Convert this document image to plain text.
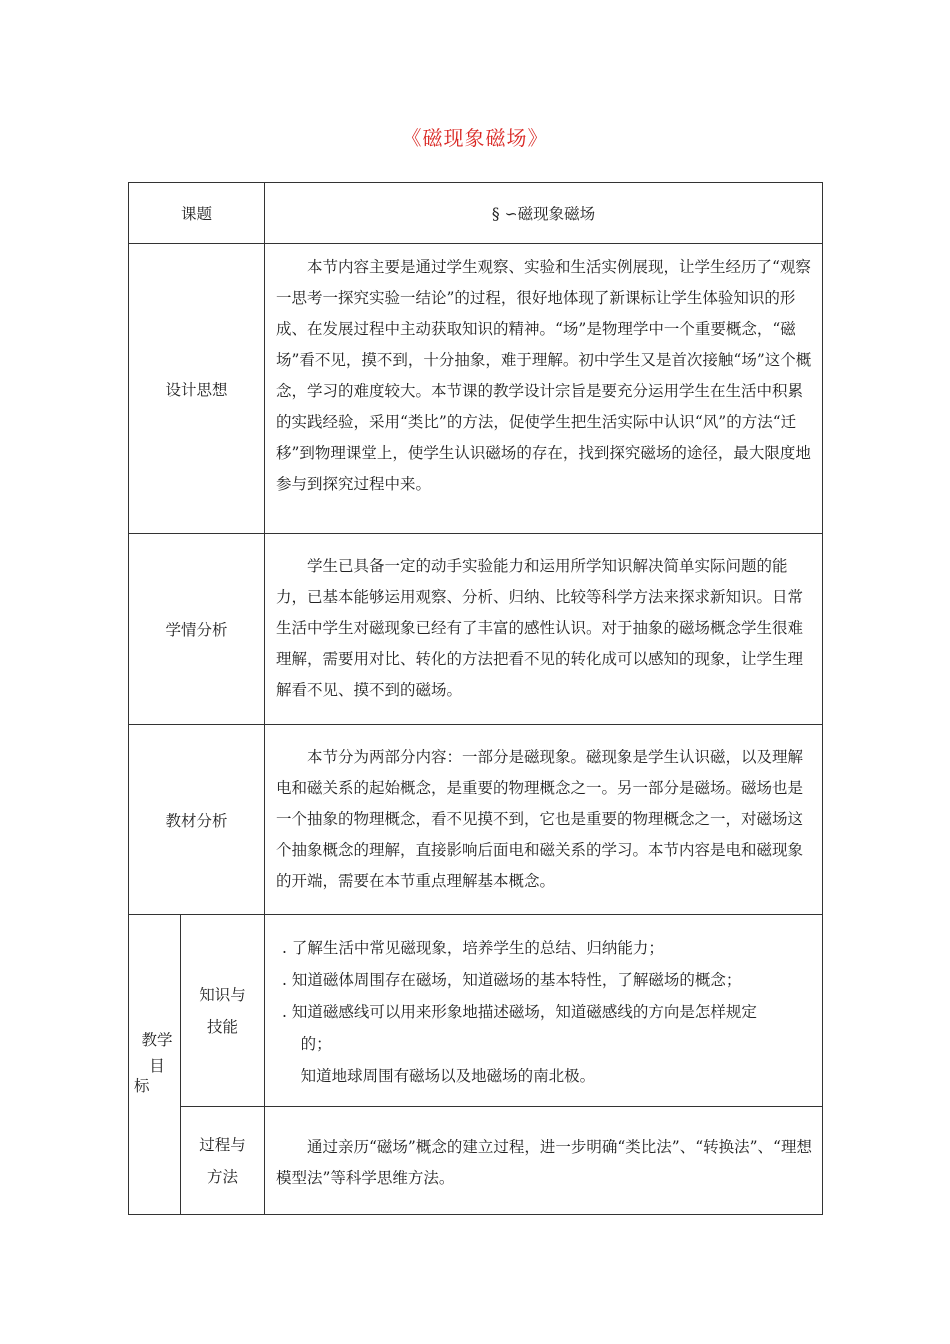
《磁现象磁场》
课题	§ ∽磁现象磁场
设计思想

本节内容主要是通过学生观察、实验和生活实例展现，让学生经历了“观察一思考一探究实验一结论”的过程，很好地体现了新课标让学生体验知识的形成、在发展过程中主动获取知识的精神。“场”是物理学中一个重要概念，“磁场”看不见，摸不到，十分抽象，难于理解。初中学生又是首次接触“场”这个概念，学习的难度较大。本节课的教学设计宗旨是要充分运用学生在生活中积累的实践经验，采用“类比”的方法，促使学生把生活实际中认识“风”的方法“迁移”到物理课堂上，使学生认识磁场的存在，找到探究磁场的途径，最大限度地参与到探究过程中来。

学情分析

学生已具备一定的动手实验能力和运用所学知识解决简单实际问题的能力，已基本能够运用观察、分析、归纳、比较等科学方法来探求新知识。日常生活中学生对磁现象已经有了丰富的感性认识。对于抽象的磁场概念学生很难理解，需要用对比、转化的方法把看不见的转化成可以感知的现象，让学生理解看不见、摸不到的磁场。

教材分析

本节分为两部分内容：一部分是磁现象。磁现象是学生认识磁，以及理解电和磁关系的起始概念，是重要的物理概念之一。另一部分是磁场。磁场也是一个抽象的物理概念，看不见摸不到，它也是重要的物理概念之一，对磁场这个抽象概念的理解，直接影响后面电和磁关系的学习。本节内容是电和磁现象的开端，需要在本节重点理解基本概念。

教学
目
标
知识与
技能

. 了解生活中常见磁现象，培养学生的总结、归纳能力；

. 知道磁体周围存在磁场，知道磁场的基本特性，了解磁场的概念；

. 知道磁感线可以用来形象地描述磁场，知道磁感线的方向是怎样规定

的；

知道地球周围有磁场以及地磁场的南北极。

过程与
方法

通过亲历“磁场”概念的建立过程，进一步明确“类比法”、“转换法”、“理想模型法”等科学思维方法。
